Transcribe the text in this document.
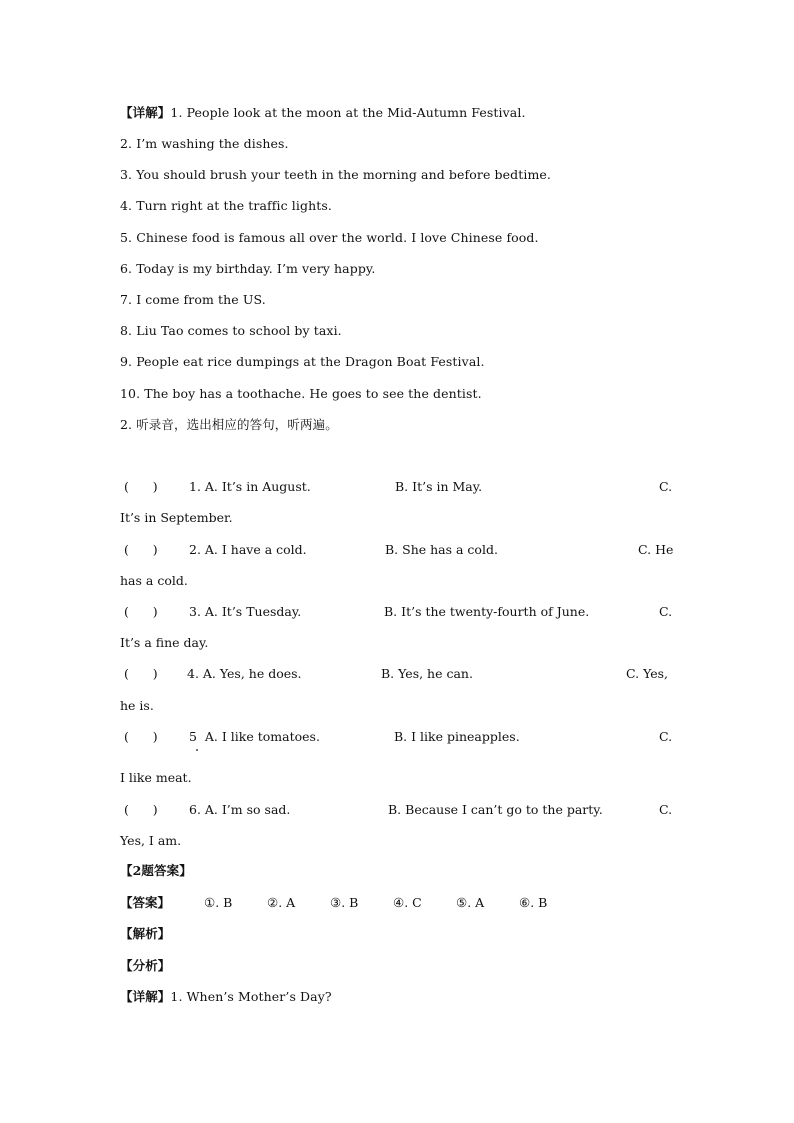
【详解】1. People look at the moon at the Mid-Autumn Festival.
2. I’m washing the dishes.
3. You should brush your teeth in the morning and before bedtime.
4. Turn right at the traffic lights.
5. Chinese food is famous all over the world. I love Chinese food.
6. Today is my birthday. I’m very happy.
7. I come from the US.
8. Liu Tao comes to school by taxi.
9. People eat rice dumpings at the Dragon Boat Festival.
10. The boy has a toothache. He goes to see the dentist.
2. 听录音，选出相应的答句，听两遍。
(      )	1. A. It’s in August.	B. It’s in May.	C.
It’s in September.
(      )	2. A. I have a cold.	B. She has a cold.	C. He
has a cold.
(      )	3. A. It’s Tuesday.	B. It’s the twenty-fourth of June.	C.
It’s a fine day.
(      ) 4. A. Yes, he does.	B. Yes, he can.	C. Yes,
he is.
(      )	5  A. I like tomatoes.	B. I like pineapples.	C.
I like meat.
(      )	6. A. I’m so sad.	B. Because I can’t go to the party.	C.
Yes, I am.
【2题答案】
【答案】	①. B	②. A	③. B	④. C	⑤. A	⑥. B
【解析】
【分析】
【详解】1. When’s Mother’s Day?
